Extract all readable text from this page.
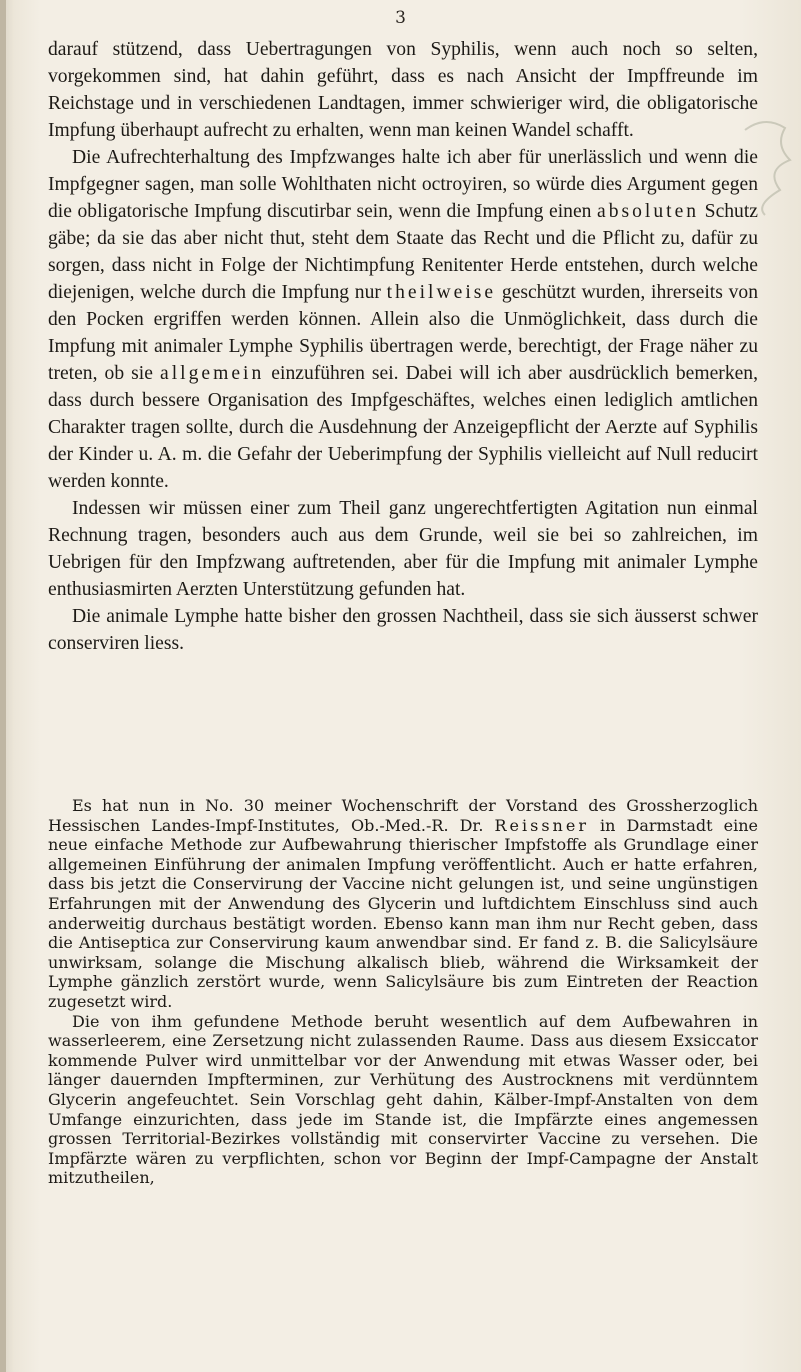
3

darauf stützend, dass Uebertragungen von Syphilis, wenn auch noch so selten, vorgekommen sind, hat dahin geführt, dass es nach Ansicht der Impffreunde im Reichstage und in verschiedenen Landtagen, immer schwieriger wird, die obligatorische Impfung überhaupt aufrecht zu erhalten, wenn man keinen Wandel schafft.

Die Aufrechterhaltung des Impfzwanges halte ich aber für unerlässlich und wenn die Impfgegner sagen, man solle Wohlthaten nicht octroyiren, so würde dies Argument gegen die obligatorische Impfung discutirbar sein, wenn die Impfung einen absoluten Schutz gäbe; da sie das aber nicht thut, steht dem Staate das Recht und die Pflicht zu, dafür zu sorgen, dass nicht in Folge der Nichtimpfung Renitenter Herde entstehen, durch welche diejenigen, welche durch die Impfung nur theilweise geschützt wurden, ihrerseits von den Pocken ergriffen werden können. Allein also die Unmöglichkeit, dass durch die Impfung mit animaler Lymphe Syphilis übertragen werde, berechtigt, der Frage näher zu treten, ob sie allgemein einzuführen sei. Dabei will ich aber ausdrücklich bemerken, dass durch bessere Organisation des Impfgeschäftes, welches einen lediglich amtlichen Charakter tragen sollte, durch die Ausdehnung der Anzeigepflicht der Aerzte auf Syphilis der Kinder u. A. m. die Gefahr der Ueberimpfung der Syphilis vielleicht auf Null reducirt werden konnte.

Indessen wir müssen einer zum Theil ganz ungerechtfertigten Agitation nun einmal Rechnung tragen, besonders auch aus dem Grunde, weil sie bei so zahlreichen, im Uebrigen für den Impfzwang auftretenden, aber für die Impfung mit animaler Lymphe enthusiasmirten Aerzten Unterstützung gefunden hat.

Die animale Lymphe hatte bisher den grossen Nachtheil, dass sie sich äusserst schwer conserviren liess.

Es hat nun in No. 30 meiner Wochenschrift der Vorstand des Grossherzoglich Hessischen Landes-Impf-Institutes, Ob.-Med.-R. Dr. Reissner in Darmstadt eine neue einfache Methode zur Aufbewahrung thierischer Impfstoffe als Grundlage einer allgemeinen Einführung der animalen Impfung veröffentlicht. Auch er hatte erfahren, dass bis jetzt die Conservirung der Vaccine nicht gelungen ist, und seine ungünstigen Erfahrungen mit der Anwendung des Glycerin und luftdichtem Einschluss sind auch anderweitig durchaus bestätigt worden. Ebenso kann man ihm nur Recht geben, dass die Antiseptica zur Conservirung kaum anwendbar sind. Er fand z. B. die Salicylsäure unwirksam, solange die Mischung alkalisch blieb, während die Wirksamkeit der Lymphe gänzlich zerstört wurde, wenn Salicylsäure bis zum Eintreten der Reaction zugesetzt wird.

Die von ihm gefundene Methode beruht wesentlich auf dem Aufbewahren in wasserleerem, eine Zersetzung nicht zulassenden Raume. Dass aus diesem Exsiccator kommende Pulver wird unmittelbar vor der Anwendung mit etwas Wasser oder, bei länger dauernden Impfterminen, zur Verhütung des Austrocknens mit verdünntem Glycerin angefeuchtet. Sein Vorschlag geht dahin, Kälber-Impf-Anstalten von dem Umfange einzurichten, dass jede im Stande ist, die Impfärzte eines angemessen grossen Territorial-Bezirkes vollständig mit conservirter Vaccine zu versehen. Die Impfärzte wären zu verpflichten, schon vor Beginn der Impf-Campagne der Anstalt mitzutheilen,
